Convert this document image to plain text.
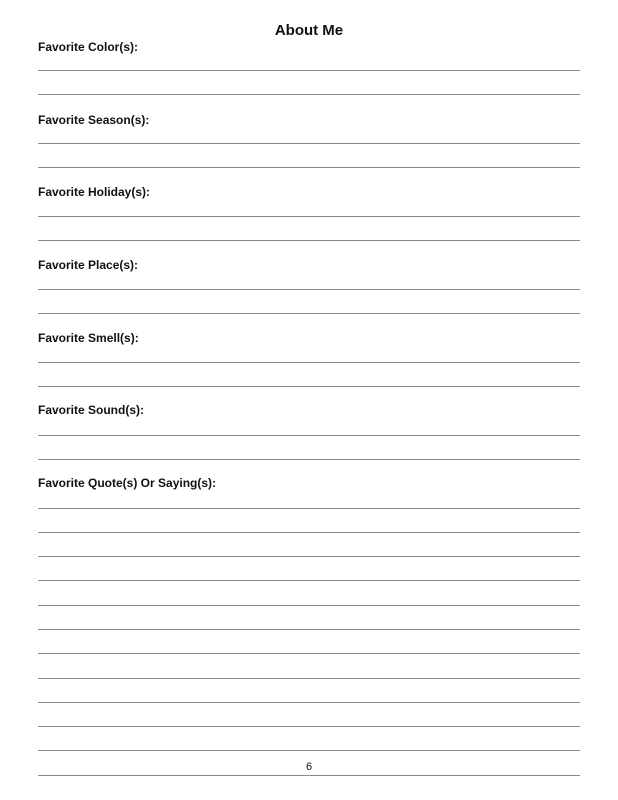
About Me
Favorite Color(s):
Favorite Season(s):
Favorite Holiday(s):
Favorite Place(s):
Favorite Smell(s):
Favorite Sound(s):
Favorite Quote(s) Or Saying(s):
6
